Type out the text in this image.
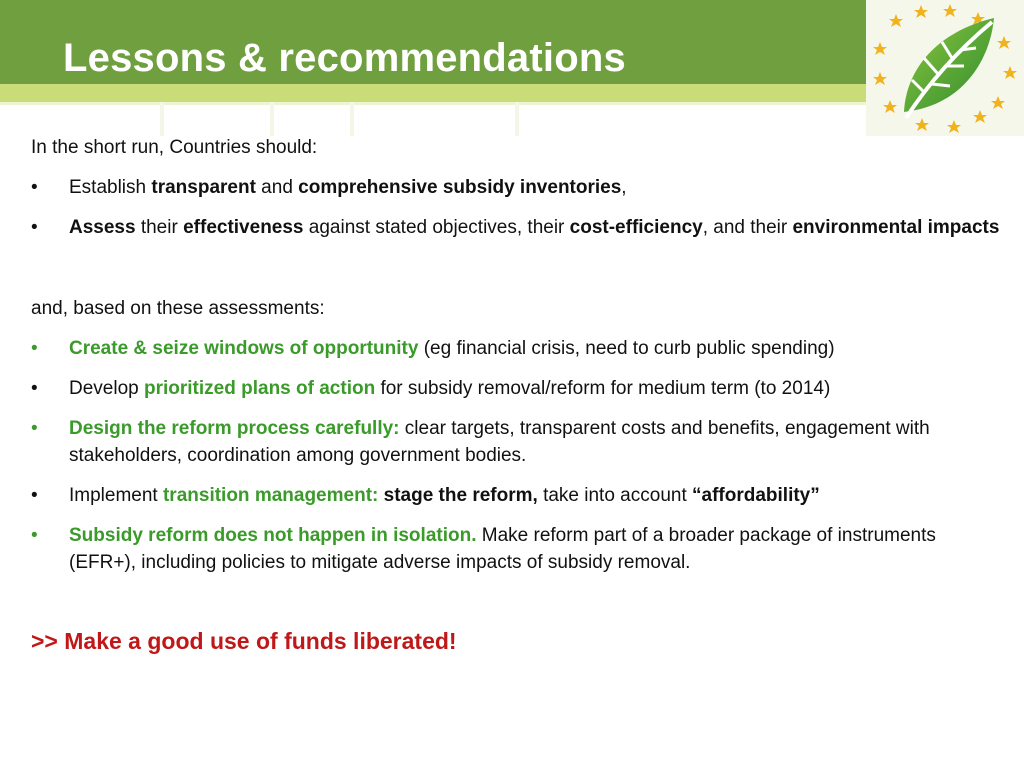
Lessons & recommendations

In the short run, Countries should:

•	Establish transparent and comprehensive subsidy inventories,
•	Assess their effectiveness against stated objectives, their cost-efficiency, and their environmental impacts

and, based on these assessments:

•	Create & seize windows of opportunity (eg financial crisis, need to curb public spending)
•	Develop prioritized plans of action for subsidy removal/reform for medium term (to 2014)
•	Design the reform process carefully: clear targets, transparent costs and benefits, engagement with stakeholders, coordination among government bodies.
•	Implement transition management: stage the reform, take into account “affordability”
•	Subsidy reform does not happen in isolation. Make reform part of a broader package of instruments (EFR+), including policies to mitigate adverse impacts of subsidy removal.

>> Make a good use of funds liberated!
